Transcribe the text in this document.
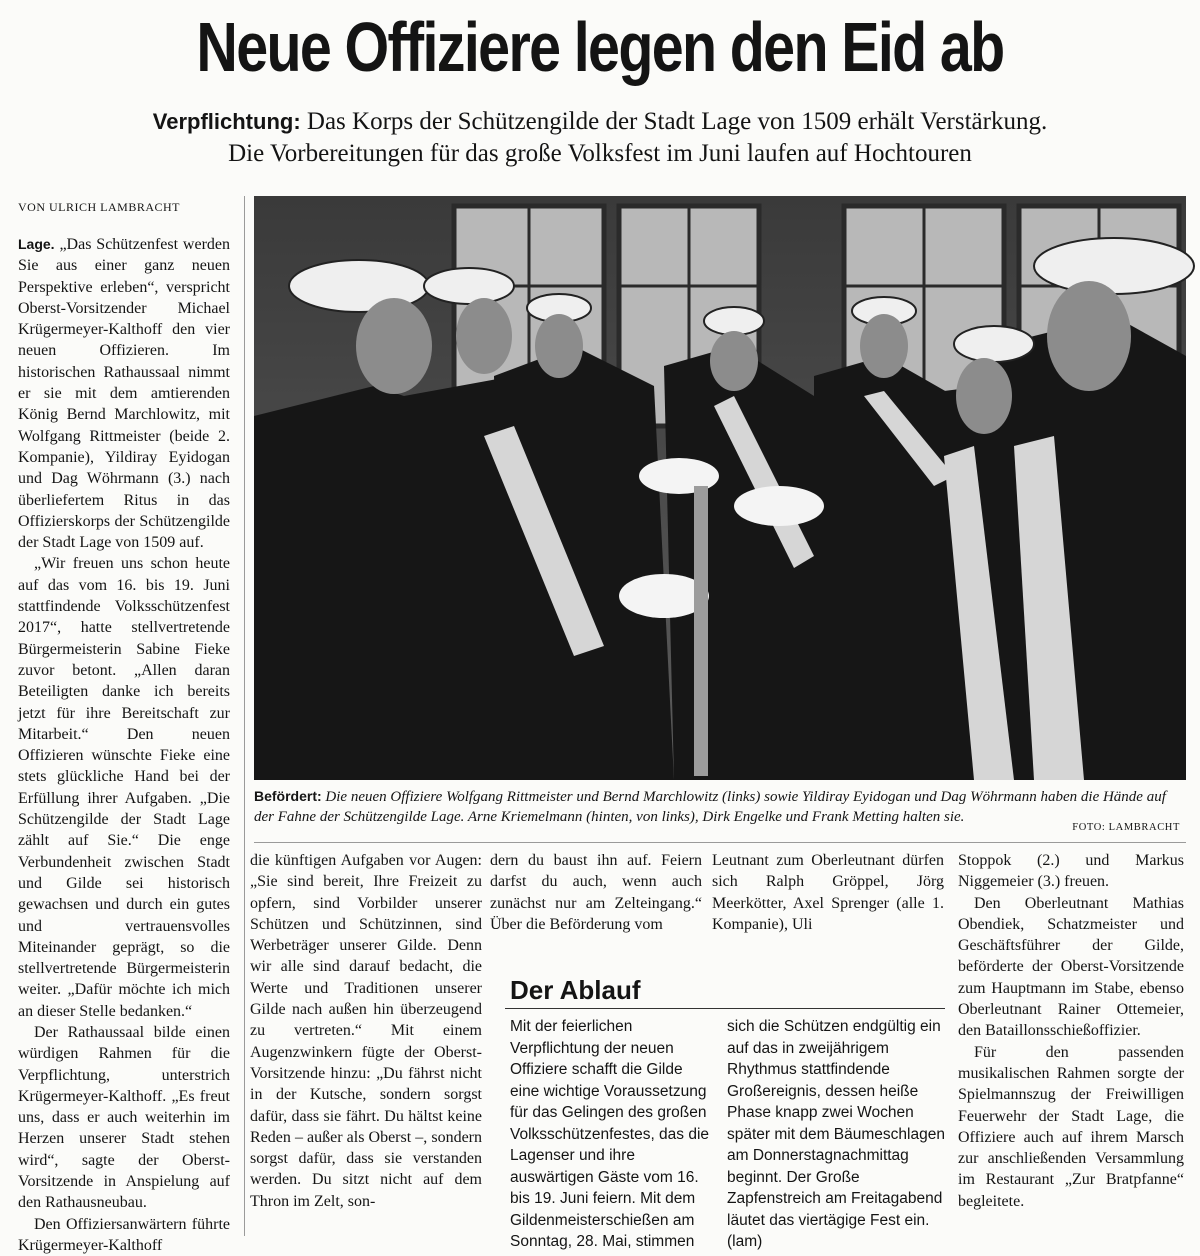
Neue Offiziere legen den Eid ab
Verpflichtung: Das Korps der Schützengilde der Stadt Lage von 1509 erhält Verstärkung.
Die Vorbereitungen für das große Volksfest im Juni laufen auf Hochtouren
VON ULRICH LAMBRACHT

Lage. „Das Schützenfest werden Sie aus einer ganz neuen Perspektive erleben“, verspricht Oberst-Vorsitzender Michael Krügermeyer-Kalthoff den vier neuen Offizieren. Im historischen Rathaussaal nimmt er sie mit dem amtierenden König Bernd Marchlowitz, mit Wolfgang Rittmeister (beide 2. Kompanie), Yildiray Eyidogan und Dag Wöhrmann (3.) nach überliefertem Ritus in das Offizierskorps der Schützengilde der Stadt Lage von 1509 auf.

„Wir freuen uns schon heute auf das vom 16. bis 19. Juni stattfindende Volksschützenfest 2017“, hatte stellvertretende Bürgermeisterin Sabine Fieke zuvor betont. „Allen daran Beteiligten danke ich bereits jetzt für ihre Bereitschaft zur Mitarbeit.“ Den neuen Offizieren wünschte Fieke eine stets glückliche Hand bei der Erfüllung ihrer Aufgaben. „Die Schützengilde der Stadt Lage zählt auf Sie.“ Die enge Verbundenheit zwischen Stadt und Gilde sei historisch gewachsen und durch ein gutes und vertrauensvolles Miteinander geprägt, so die stellvertretende Bürgermeisterin weiter. „Dafür möchte ich mich an dieser Stelle bedanken.“

Der Rathaussaal bilde einen würdigen Rahmen für die Verpflichtung, unterstrich Krügermeyer-Kalthoff. „Es freut uns, dass er auch weiterhin im Herzen unserer Stadt stehen wird“, sagte der Oberst-Vorsitzende in Anspielung auf den Rathausneubau.

Den Offiziersanwärtern führte Krügermeyer-Kalthoff

Befördert: Die neuen Offiziere Wolfgang Rittmeister und Bernd Marchlowitz (links) sowie Yildiray Eyidogan und Dag Wöhrmann haben die Hände auf der Fahne der Schützengilde Lage. Arne Kriemelmann (hinten, von links), Dirk Engelke und Frank Metting halten sie.
FOTO: LAMBRACHT

die künftigen Aufgaben vor Augen: „Sie sind bereit, Ihre Freizeit zu opfern, sind Vorbilder unserer Schützen und Schützinnen, sind Werbeträger unserer Gilde. Denn wir alle sind darauf bedacht, die Werte und Traditionen unserer Gilde nach außen hin überzeugend zu vertreten.“ Mit einem Augenzwinkern fügte der Oberst-Vorsitzende hinzu: „Du fährst nicht in der Kutsche, sondern sorgst dafür, dass sie fährt. Du hältst keine Reden – außer als Oberst –, sondern sorgst dafür, dass sie verstanden werden. Du sitzt nicht auf dem Thron im Zelt, son-

dern du baust ihn auf. Feiern darfst du auch, wenn auch zunächst nur am Zelteingang.“ Über die Beförderung vom

Leutnant zum Oberleutnant dürfen sich Ralph Gröppel, Jörg Meerkötter, Axel Sprenger (alle 1. Kompanie), Uli

Der Ablauf

Mit der feierlichen Verpflichtung der neuen Offiziere schafft die Gilde eine wichtige Voraussetzung für das Gelingen des großen Volksschützenfestes, das die Lagenser und ihre auswärtigen Gäste vom 16. bis 19. Juni feiern. Mit dem Gildenmeisterschießen am Sonntag, 28. Mai, stimmen

sich die Schützen endgültig ein auf das in zweijährigem Rhythmus stattfindende Großereignis, dessen heiße Phase knapp zwei Wochen später mit dem Bäumeschlagen am Donnerstagnachmittag beginnt. Der Große Zapfenstreich am Freitagabend läutet das viertägige Fest ein. (lam)

Stoppok (2.) und Markus Niggemeier (3.) freuen.

Den Oberleutnant Mathias Obendiek, Schatzmeister und Geschäftsführer der Gilde, beförderte der Oberst-Vorsitzende zum Hauptmann im Stabe, ebenso Oberleutnant Rainer Ottemeier, den Bataillonsschießoffizier.

Für den passenden musikalischen Rahmen sorgte der Spielmannszug der Freiwilligen Feuerwehr der Stadt Lage, die Offiziere auch auf ihrem Marsch zur anschließenden Versammlung im Restaurant „Zur Bratpfanne“ begleitete.
